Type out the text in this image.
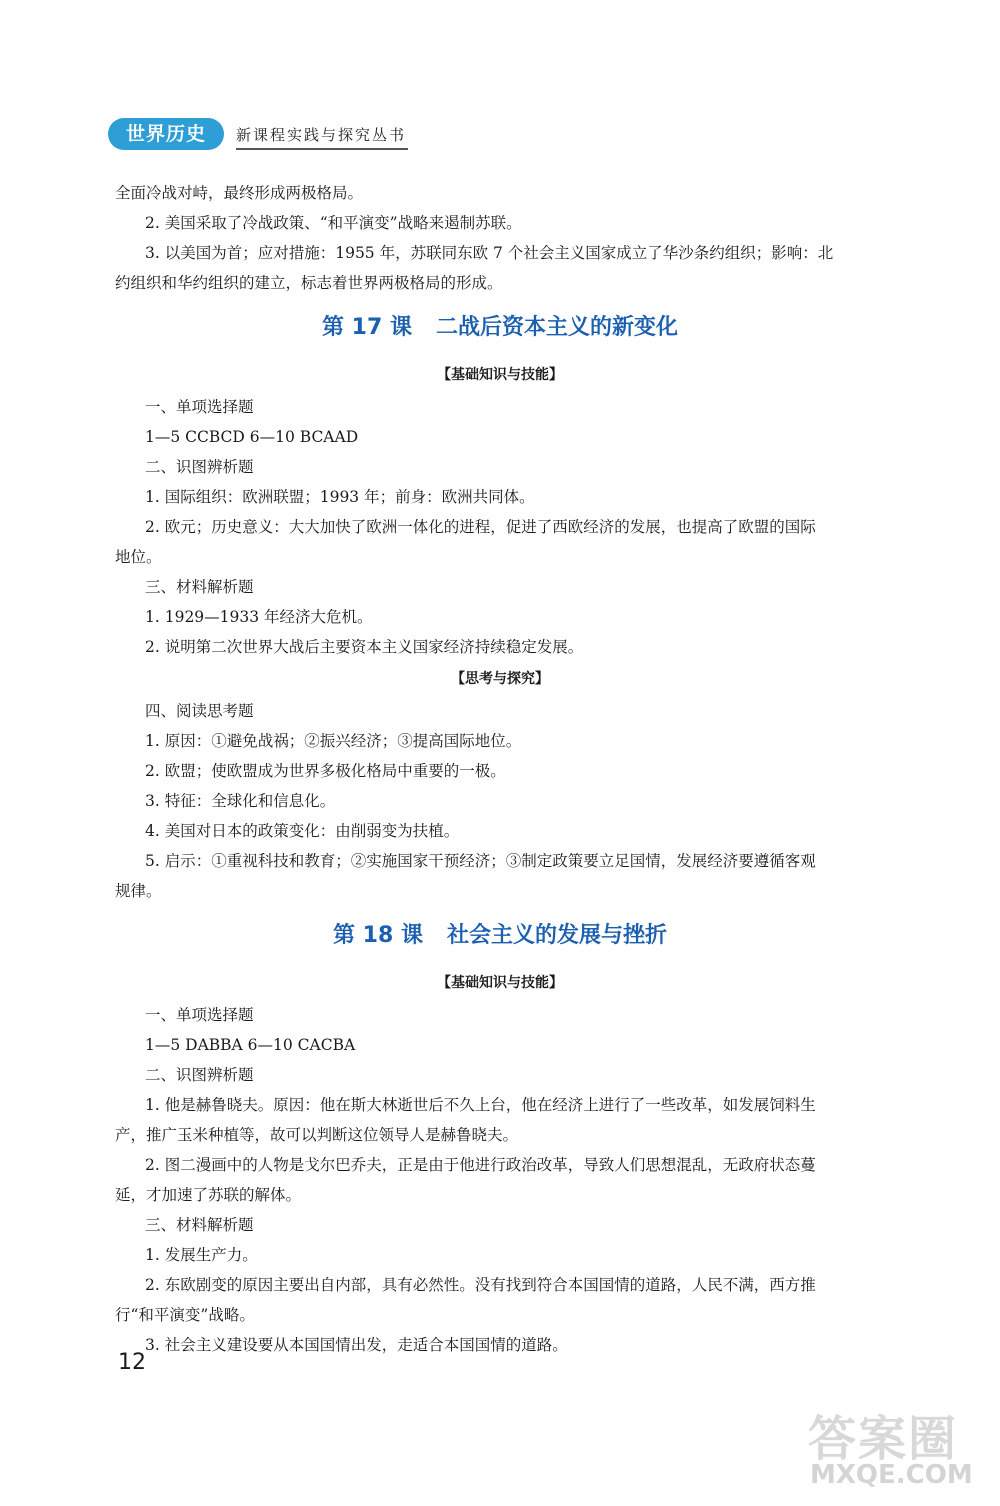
世界历史	新课程实践与探究丛书
全面冷战对峙，最终形成两极格局。
2. 美国采取了冷战政策、“和平演变”战略来遏制苏联。
3. 以美国为首；应对措施：1955 年，苏联同东欧 7 个社会主义国家成立了华沙条约组织；影响：北
约组织和华约组织的建立，标志着世界两极格局的形成。
第 17 课 二战后资本主义的新变化
【基础知识与技能】
一、单项选择题
1—5 CCBCD 6—10 BCAAD
二、识图辨析题
1. 国际组织：欧洲联盟；1993 年；前身：欧洲共同体。
2. 欧元；历史意义：大大加快了欧洲一体化的进程，促进了西欧经济的发展，也提高了欧盟的国际
地位。
三、材料解析题
1. 1929—1933 年经济大危机。
2. 说明第二次世界大战后主要资本主义国家经济持续稳定发展。
【思考与探究】
四、阅读思考题
1. 原因：①避免战祸；②振兴经济；③提高国际地位。
2. 欧盟；使欧盟成为世界多极化格局中重要的一极。
3. 特征：全球化和信息化。
4. 美国对日本的政策变化：由削弱变为扶植。
5. 启示：①重视科技和教育；②实施国家干预经济；③制定政策要立足国情，发展经济要遵循客观
规律。
第 18 课 社会主义的发展与挫折
【基础知识与技能】
一、单项选择题
1—5 DABBA 6—10 CACBA
二、识图辨析题
1. 他是赫鲁晓夫。原因：他在斯大林逝世后不久上台，他在经济上进行了一些改革，如发展饲料生
产，推广玉米种植等，故可以判断这位领导人是赫鲁晓夫。
2. 图二漫画中的人物是戈尔巴乔夫，正是由于他进行政治改革，导致人们思想混乱，无政府状态蔓
延，才加速了苏联的解体。
三、材料解析题
1. 发展生产力。
2. 东欧剧变的原因主要出自内部，具有必然性。没有找到符合本国国情的道路，人民不满，西方推
行“和平演变”战略。
3. 社会主义建设要从本国国情出发，走适合本国国情的道路。
12
答案圈
MXQE.COM
